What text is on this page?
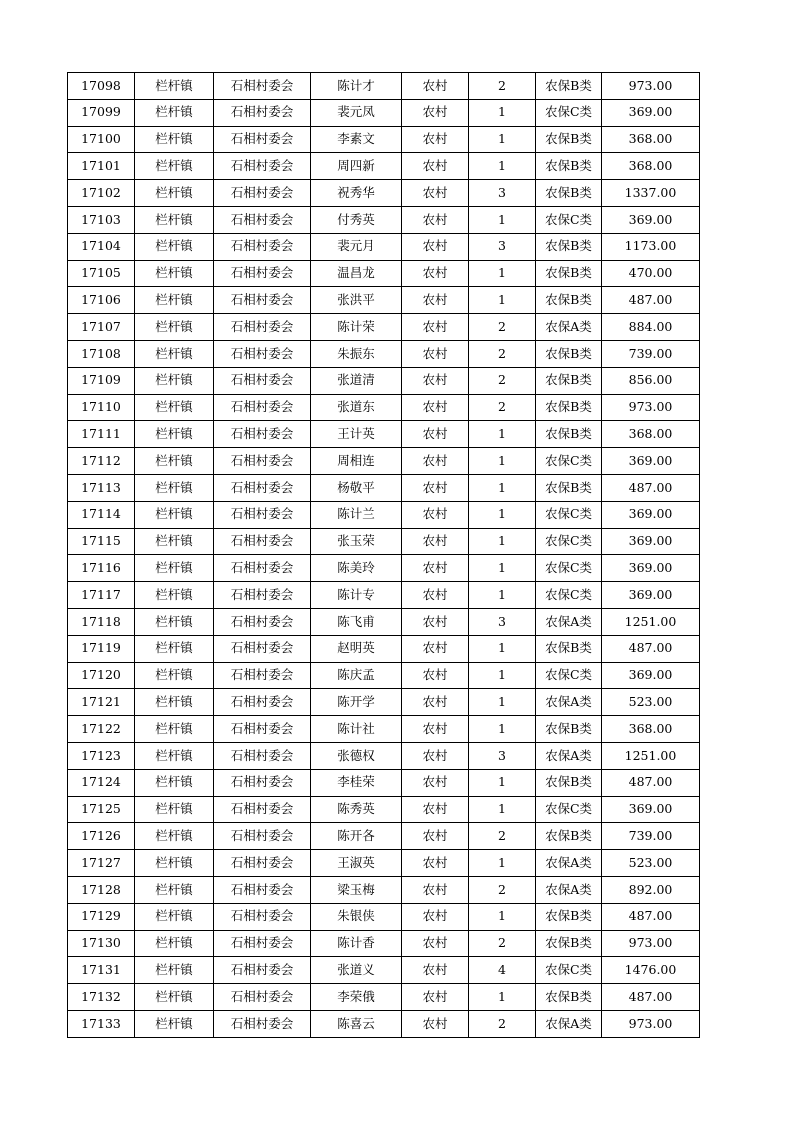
17098	栏杆镇	石相村委会	陈计才	农村	2	农保B类	973.00
17099	栏杆镇	石相村委会	裴元凤	农村	1	农保C类	369.00
17100	栏杆镇	石相村委会	李素文	农村	1	农保B类	368.00
17101	栏杆镇	石相村委会	周四新	农村	1	农保B类	368.00
17102	栏杆镇	石相村委会	祝秀华	农村	3	农保B类	1337.00
17103	栏杆镇	石相村委会	付秀英	农村	1	农保C类	369.00
17104	栏杆镇	石相村委会	裴元月	农村	3	农保B类	1173.00
17105	栏杆镇	石相村委会	温昌龙	农村	1	农保B类	470.00
17106	栏杆镇	石相村委会	张洪平	农村	1	农保B类	487.00
17107	栏杆镇	石相村委会	陈计荣	农村	2	农保A类	884.00
17108	栏杆镇	石相村委会	朱振东	农村	2	农保B类	739.00
17109	栏杆镇	石相村委会	张道清	农村	2	农保B类	856.00
17110	栏杆镇	石相村委会	张道东	农村	2	农保B类	973.00
17111	栏杆镇	石相村委会	王计英	农村	1	农保B类	368.00
17112	栏杆镇	石相村委会	周相连	农村	1	农保C类	369.00
17113	栏杆镇	石相村委会	杨敬平	农村	1	农保B类	487.00
17114	栏杆镇	石相村委会	陈计兰	农村	1	农保C类	369.00
17115	栏杆镇	石相村委会	张玉荣	农村	1	农保C类	369.00
17116	栏杆镇	石相村委会	陈美玲	农村	1	农保C类	369.00
17117	栏杆镇	石相村委会	陈计专	农村	1	农保C类	369.00
17118	栏杆镇	石相村委会	陈飞甫	农村	3	农保A类	1251.00
17119	栏杆镇	石相村委会	赵明英	农村	1	农保B类	487.00
17120	栏杆镇	石相村委会	陈庆孟	农村	1	农保C类	369.00
17121	栏杆镇	石相村委会	陈开学	农村	1	农保A类	523.00
17122	栏杆镇	石相村委会	陈计社	农村	1	农保B类	368.00
17123	栏杆镇	石相村委会	张德权	农村	3	农保A类	1251.00
17124	栏杆镇	石相村委会	李桂荣	农村	1	农保B类	487.00
17125	栏杆镇	石相村委会	陈秀英	农村	1	农保C类	369.00
17126	栏杆镇	石相村委会	陈开各	农村	2	农保B类	739.00
17127	栏杆镇	石相村委会	王淑英	农村	1	农保A类	523.00
17128	栏杆镇	石相村委会	梁玉梅	农村	2	农保A类	892.00
17129	栏杆镇	石相村委会	朱银侠	农村	1	农保B类	487.00
17130	栏杆镇	石相村委会	陈计香	农村	2	农保B类	973.00
17131	栏杆镇	石相村委会	张道义	农村	4	农保C类	1476.00
17132	栏杆镇	石相村委会	李荣俄	农村	1	农保B类	487.00
17133	栏杆镇	石相村委会	陈喜云	农村	2	农保A类	973.00
